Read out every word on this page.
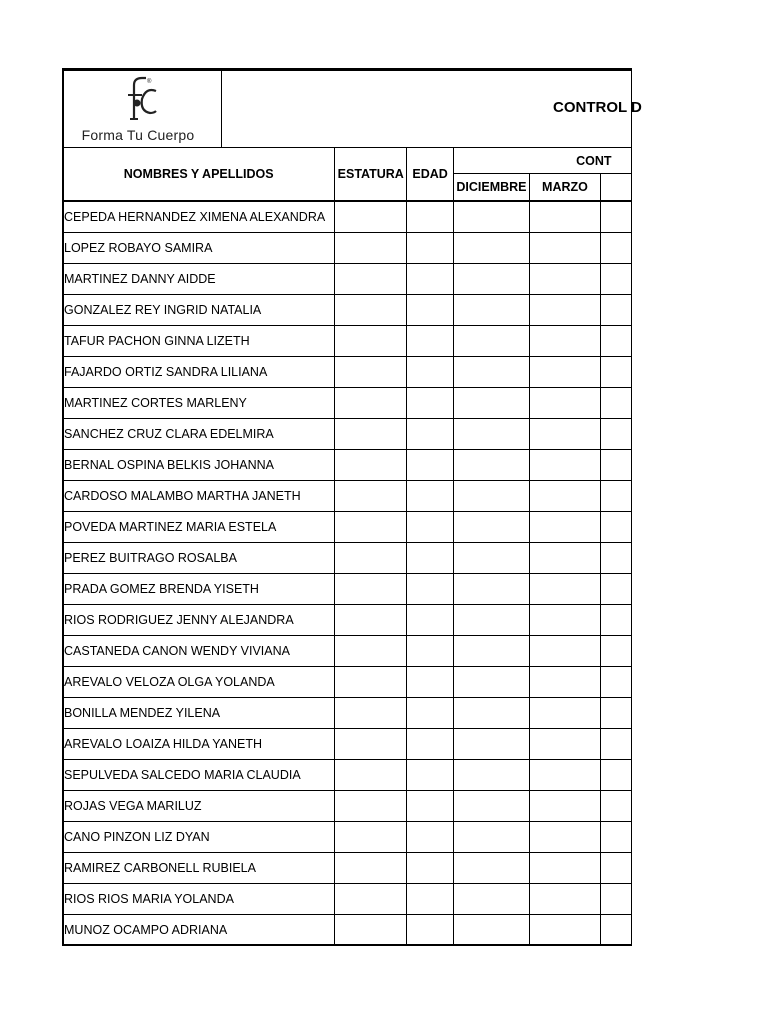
®
Forma Tu Cuerpo
CONTROL D
NOMBRES Y APELLIDOS	ESTATURA	EDAD	CONT		
			DICIEMBRE	MARZO	
CEPEDA HERNANDEZ XIMENA ALEXANDRA					
LOPEZ ROBAYO SAMIRA					
MARTINEZ DANNY AIDDE					
GONZALEZ REY INGRID NATALIA					
TAFUR PACHON GINNA LIZETH					
FAJARDO ORTIZ SANDRA LILIANA					
MARTINEZ CORTES MARLENY					
SANCHEZ CRUZ CLARA EDELMIRA					
BERNAL OSPINA BELKIS JOHANNA					
CARDOSO MALAMBO MARTHA JANETH					
POVEDA MARTINEZ MARIA ESTELA					
PEREZ BUITRAGO ROSALBA					
PRADA GOMEZ BRENDA YISETH					
RIOS RODRIGUEZ JENNY ALEJANDRA					
CASTANEDA CANON WENDY VIVIANA					
AREVALO VELOZA OLGA YOLANDA					
BONILLA MENDEZ YILENA					
AREVALO LOAIZA HILDA YANETH					
SEPULVEDA SALCEDO MARIA CLAUDIA					
ROJAS VEGA MARILUZ					
CANO PINZON LIZ DYAN					
RAMIREZ CARBONELL RUBIELA					
RIOS RIOS MARIA YOLANDA					
MUNOZ OCAMPO ADRIANA					
